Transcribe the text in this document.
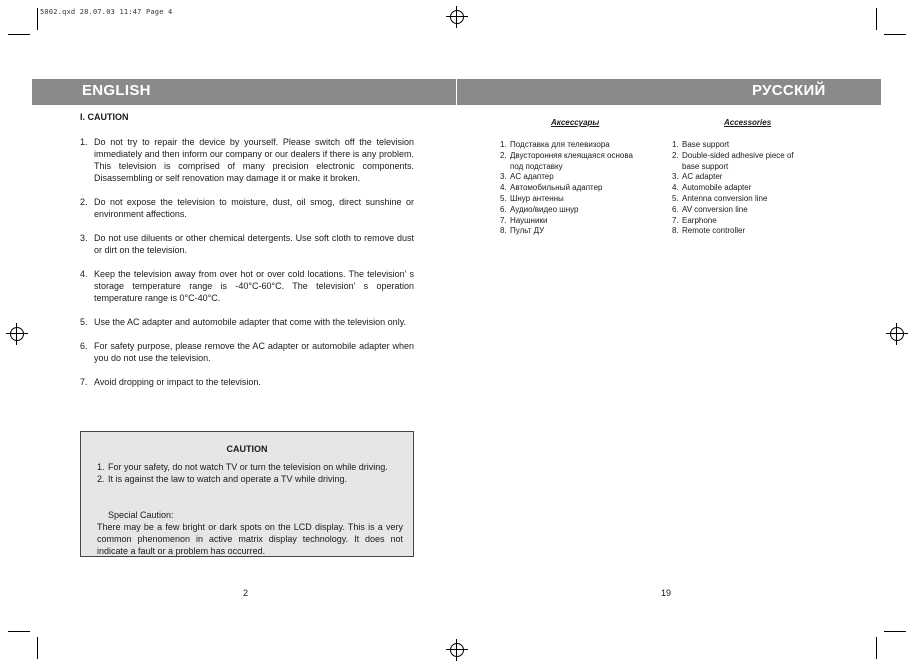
5002.qxd 28.07.03 11:47 Page 4
ENGLISH	РУССКИЙ
I. CAUTION
1. Do not try to repair the device by yourself. Please switch off the television immediately and then inform our company or our dealers if there is any problem. This television is comprised of many precision electronic components. Disassembling or self renovation may damage it or make it broken.
2. Do not expose the television to moisture, dust, oil smog, direct sunshine or environment affections.
3. Do not use diluents or other chemical detergents. Use soft cloth to remove dust or dirt on the television.
4. Keep the television away from over hot or over cold locations. The television’ s storage temperature range is -40°C-60°C. The television’ s operation temperature range is 0°C-40°C.
5. Use the AC adapter and automobile adapter that come with the television only.
6. For safety purpose, please remove the AC adapter or automobile adapter when you do not use the television.
7. Avoid dropping or impact to the television.
CAUTION
1. For your safety, do not watch TV or turn the television on while driving.
2. It is against the law to watch and operate a TV while driving.
Special Caution:
There may be a few bright or dark spots on the LCD display. This is a very common phenomenon in active matrix display technology. It does not indicate a fault or a problem has occurred.
2
Аксессуары
1. Подставка для телевизора
2. Двусторонняя клеящаяся основа под подставку
3. AC адаптер
4. Автомобильный адаптер
5. Шнур антенны
6. Аудио/видео шнур
7. Наушники
8. Пульт ДУ
Accessories
1. Base support
2. Double-sided adhesive piece of base support
3. AC adapter
4. Automobile adapter
5. Antenna conversion line
6. AV conversion line
7. Earphone
8. Remote controller
19
